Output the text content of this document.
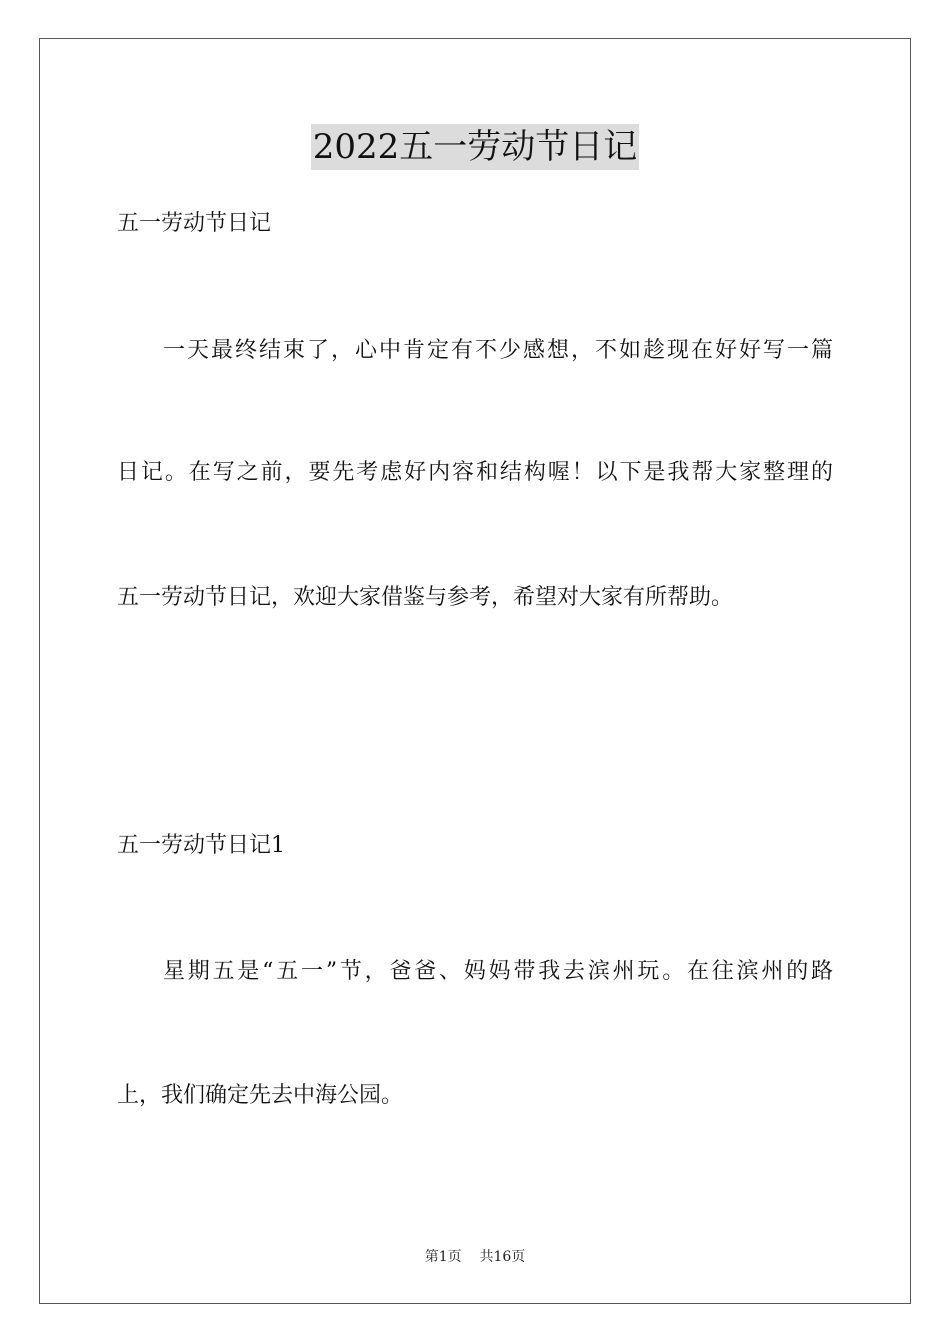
2022五一劳动节日记
五一劳动节日记
一天最终结束了，心中肯定有不少感想，不如趁现在好好写一篇
日记。在写之前，要先考虑好内容和结构喔！以下是我帮大家整理的
五一劳动节日记，欢迎大家借鉴与参考，希望对大家有所帮助。
五一劳动节日记1
星期五是“五一”节，爸爸、妈妈带我去滨州玩。在往滨州的路
上，我们确定先去中海公园。
第1页 共16页
